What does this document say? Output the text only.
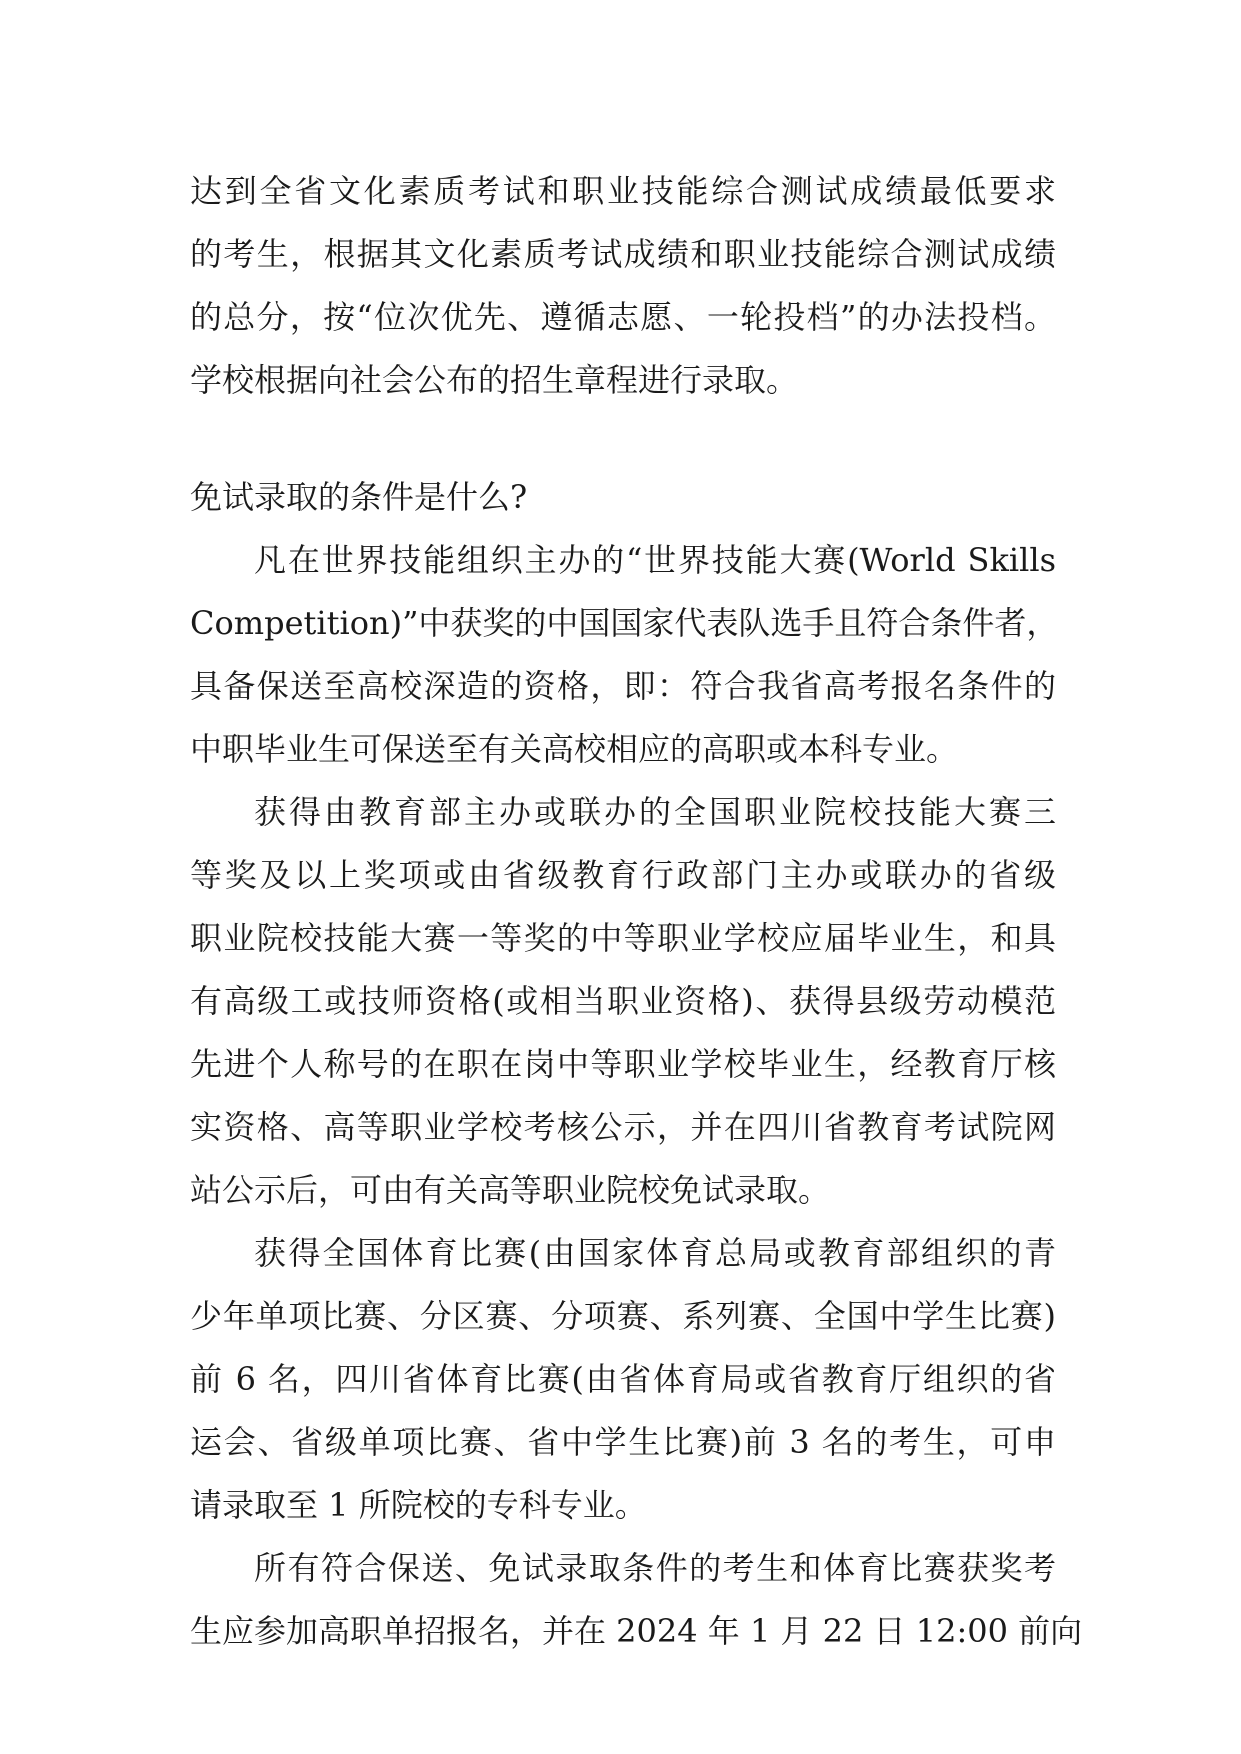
达到全省文化素质考试和职业技能综合测试成绩最低要求
的考生，根据其文化素质考试成绩和职业技能综合测试成绩
的总分，按“位次优先、遵循志愿、一轮投档”的办法投档。
学校根据向社会公布的招生章程进行录取。
免试录取的条件是什么?
凡在世界技能组织主办的“世界技能大赛(World Skills
Competition)”中获奖的中国国家代表队选手且符合条件者，
具备保送至高校深造的资格，即：符合我省高考报名条件的
中职毕业生可保送至有关高校相应的高职或本科专业。
获得由教育部主办或联办的全国职业院校技能大赛三
等奖及以上奖项或由省级教育行政部门主办或联办的省级
职业院校技能大赛一等奖的中等职业学校应届毕业生，和具
有高级工或技师资格(或相当职业资格)、获得县级劳动模范
先进个人称号的在职在岗中等职业学校毕业生，经教育厅核
实资格、高等职业学校考核公示，并在四川省教育考试院网
站公示后，可由有关高等职业院校免试录取。
获得全国体育比赛(由国家体育总局或教育部组织的青
少年单项比赛、分区赛、分项赛、系列赛、全国中学生比赛)
前 6 名，四川省体育比赛(由省体育局或省教育厅组织的省
运会、省级单项比赛、省中学生比赛)前 3 名的考生，可申
请录取至 1 所院校的专科专业。
所有符合保送、免试录取条件的考生和体育比赛获奖考
生应参加高职单招报名，并在 2024 年 1 月 22 日 12:00 前向
